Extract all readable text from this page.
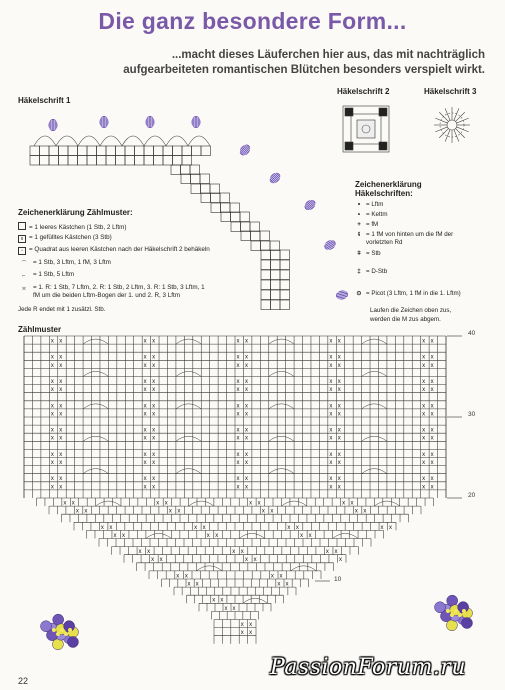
Die ganz besondere Form...
...macht dieses Läuferchen hier aus, das mit nachträglich
aufgearbeiteten romantischen Blütchen besonders verspielt wirkt.
Häkelschrift 1
Häkelschrift 2	Häkelschrift 3
x x	x x	x x	x x	x x
x x	x x	x x	x x	x x
x x	x x	x x	x x	x x
x x	x x	x x	x x	x x
x x	x x	x x	x x	x x
x x	x x	x x	x x	x x
x x	x x	x x	x x	x x
x x	x x	x x	x x	x x
x x	x x	x x	x x	x x
x x	x x	x x	x x	x x
x x	x x	x x	x x	x x
x x	x x	x x	x x	x x
x x	x x	x x	x x	x x
x x	x x	x x	x x
x x	x x	x x	x x
x x	x x	x x	x x
x x	x x	x x
x x	x x	x x
x x	x x	x
x x	x x
x x	x x
x x
x x
x x
x x
Zeichenerklärung Zählmuster:
= 1 leeres Kästchen (1 Stb, 2 Lftm)
x = 1 gefülltes Kästchen (3 Stb)
▫ = Quadrat aus leeren Kästchen nach der Häkelschrift 2 behäkeln
⌒ = 1 Stb, 3 Lftm, 1 fM, 3 Lftm
⌐ = 1 Stb, 5 Lftm
≍ = 1. R: 1 Stb, 7 Lftm, 2. R: 1 Stb, 2 Lftm, 3. R: 1 Stb, 3 Lftm, 1
fM um die beiden Lftm-Bogen der 1. und 2. R, 3 Lftm
Jede R endet mit 1 zusätzl. Stb.
Zeichenerklärung
Häkelschriften:
∘ = Lftm
• = Kettm
+ = fM
ŧ = 1 fM von hinten um die fM der
vorletzten Rd
ǂ = Stb
‡ = D-Stb
⊙ = Picot (3 Lftm, 1 fM in die 1. Lftm)
Laufen die Zeichen oben zus,
werden die M zus abgem.
Zählmuster	40
30
20
10
22
PassionForum.ru
